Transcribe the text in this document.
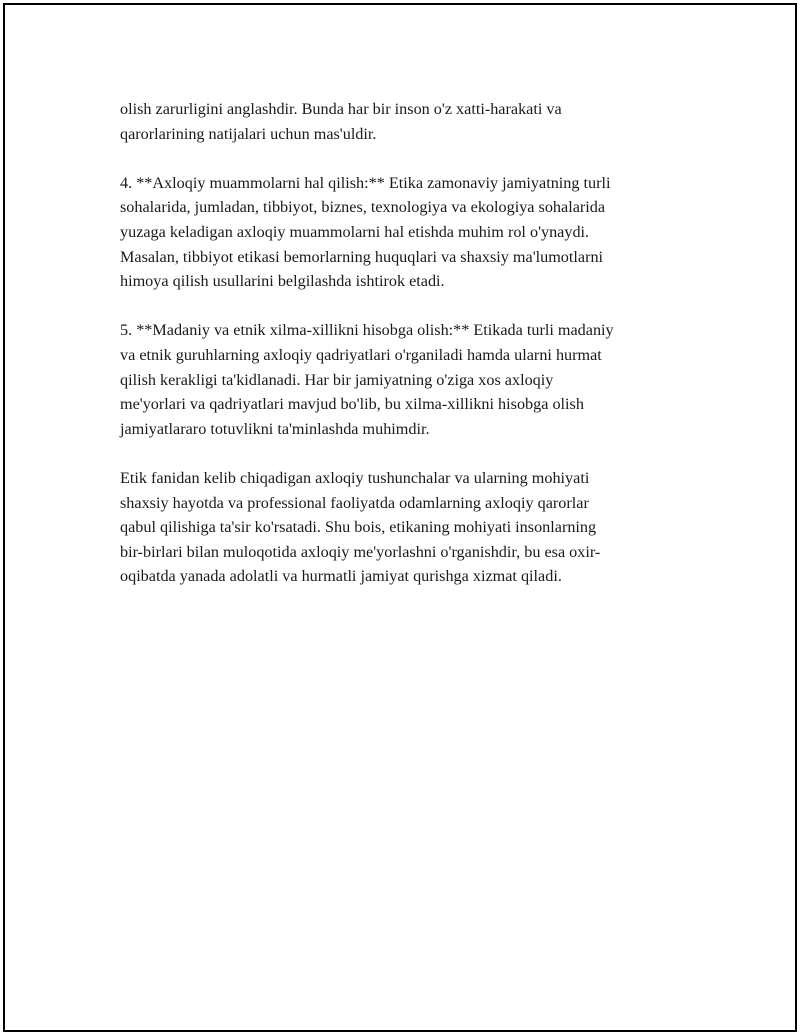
olish zarurligini anglashdir. Bunda har bir inson o'z xatti-harakati va
qarorlarining natijalari uchun mas'uldir.

4. **Axloqiy muammolarni hal qilish:** Etika zamonaviy jamiyatning turli
sohalarida, jumladan, tibbiyot, biznes, texnologiya va ekologiya sohalarida
yuzaga keladigan axloqiy muammolarni hal etishda muhim rol o'ynaydi.
Masalan, tibbiyot etikasi bemorlarning huquqlari va shaxsiy ma'lumotlarni
himoya qilish usullarini belgilashda ishtirok etadi.

5. **Madaniy va etnik xilma-xillikni hisobga olish:** Etikada turli madaniy
va etnik guruhlarning axloqiy qadriyatlari o'rganiladi hamda ularni hurmat
qilish kerakligi ta'kidlanadi. Har bir jamiyatning o'ziga xos axloqiy
me'yorlari va qadriyatlari mavjud bo'lib, bu xilma-xillikni hisobga olish
jamiyatlararo totuvlikni ta'minlashda muhimdir.

Etik fanidan kelib chiqadigan axloqiy tushunchalar va ularning mohiyati
shaxsiy hayotda va professional faoliyatda odamlarning axloqiy qarorlar
qabul qilishiga ta'sir ko'rsatadi. Shu bois, etikaning mohiyati insonlarning
bir-birlari bilan muloqotida axloqiy me'yorlashni o'rganishdir, bu esa oxir-
oqibatda yanada adolatli va hurmatli jamiyat qurishga xizmat qiladi.
